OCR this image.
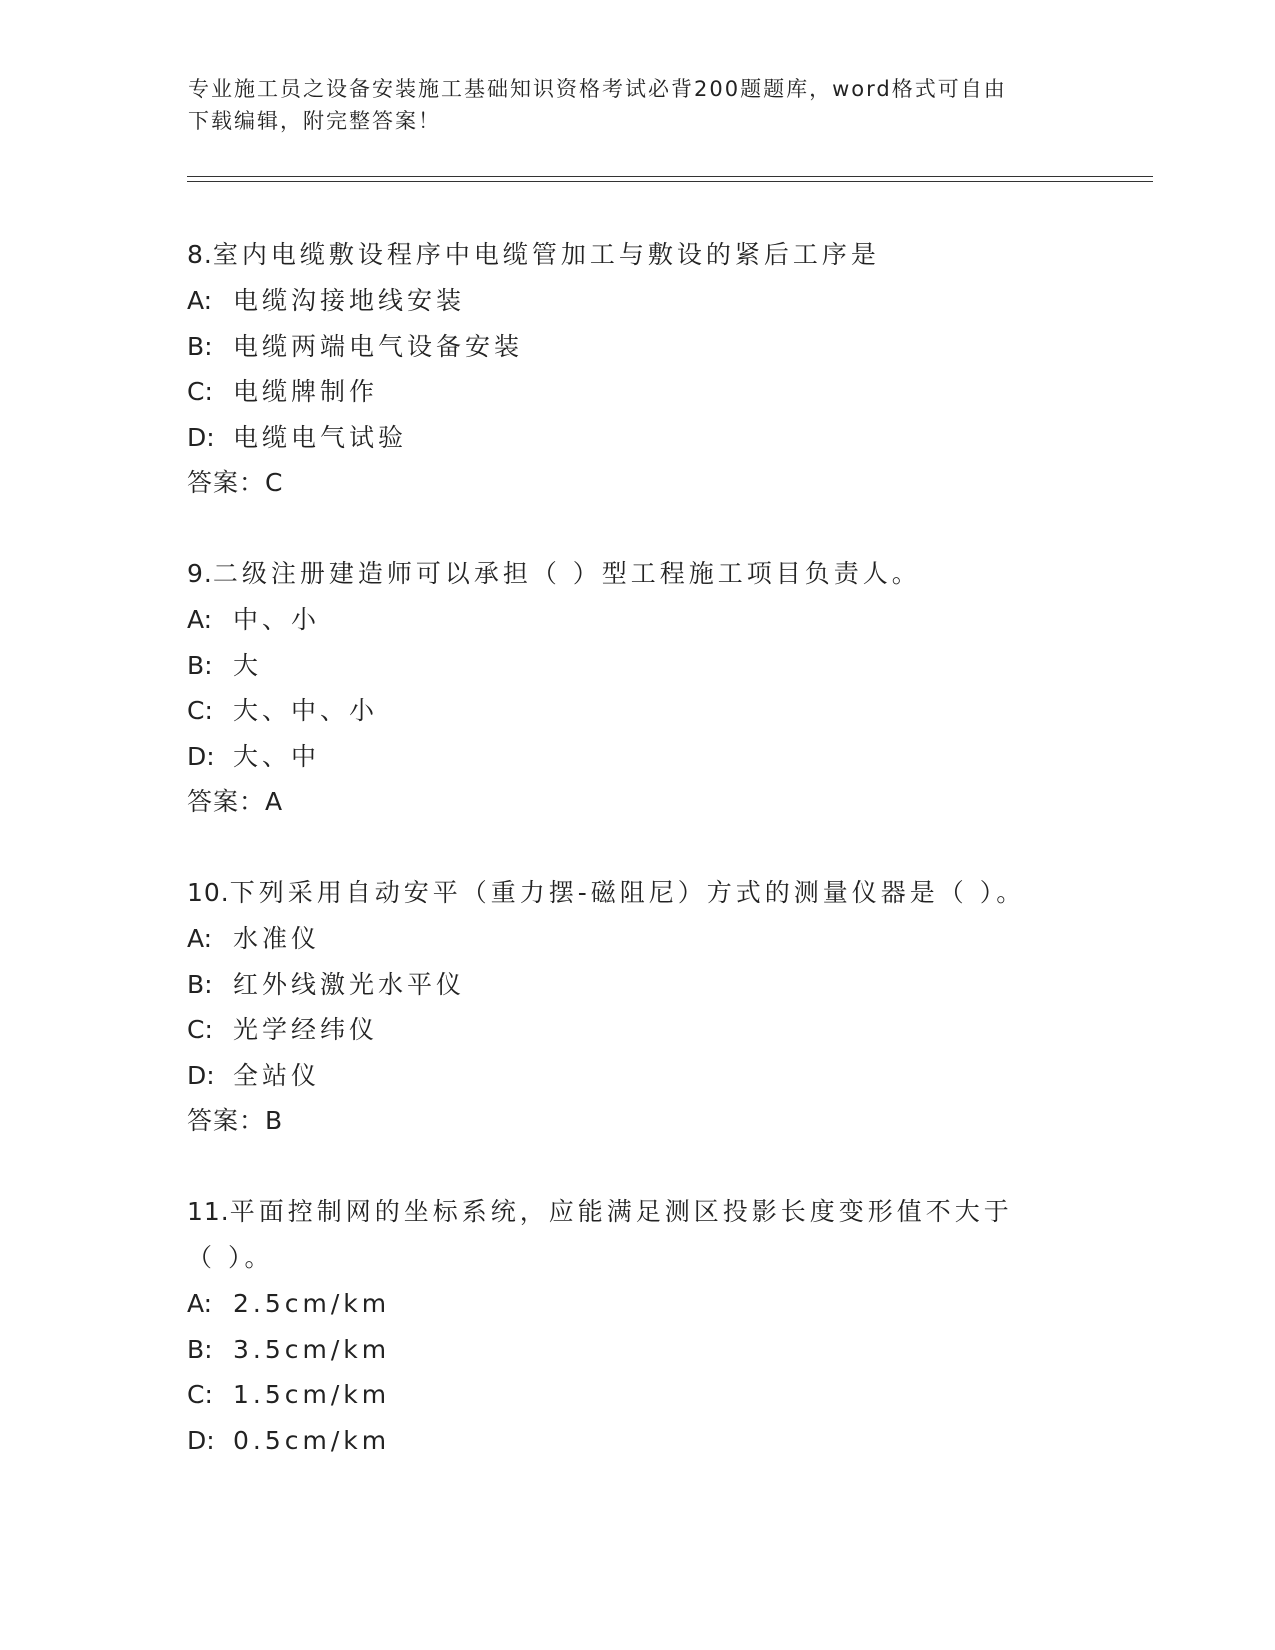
专业施工员之设备安装施工基础知识资格考试必背200题题库，word格式可自由
下载编辑，附完整答案！

8.室内电缆敷设程序中电缆管加工与敷设的紧后工序是

A: 电缆沟接地线安装

B: 电缆两端电气设备安装

C: 电缆牌制作

D: 电缆电气试验

答案：C

9.二级注册建造师可以承担（ ）型工程施工项目负责人。

A: 中、小

B: 大

C: 大、中、小

D: 大、中

答案：A

10.下列采用自动安平（重力摆-磁阻尼）方式的测量仪器是（ ）。

A: 水准仪

B: 红外线激光水平仪

C: 光学经纬仪

D: 全站仪

答案：B

11.平面控制网的坐标系统，应能满足测区投影长度变形值不大于（ ）。

A: 2.5cm/km

B: 3.5cm/km

C: 1.5cm/km

D: 0.5cm/km
